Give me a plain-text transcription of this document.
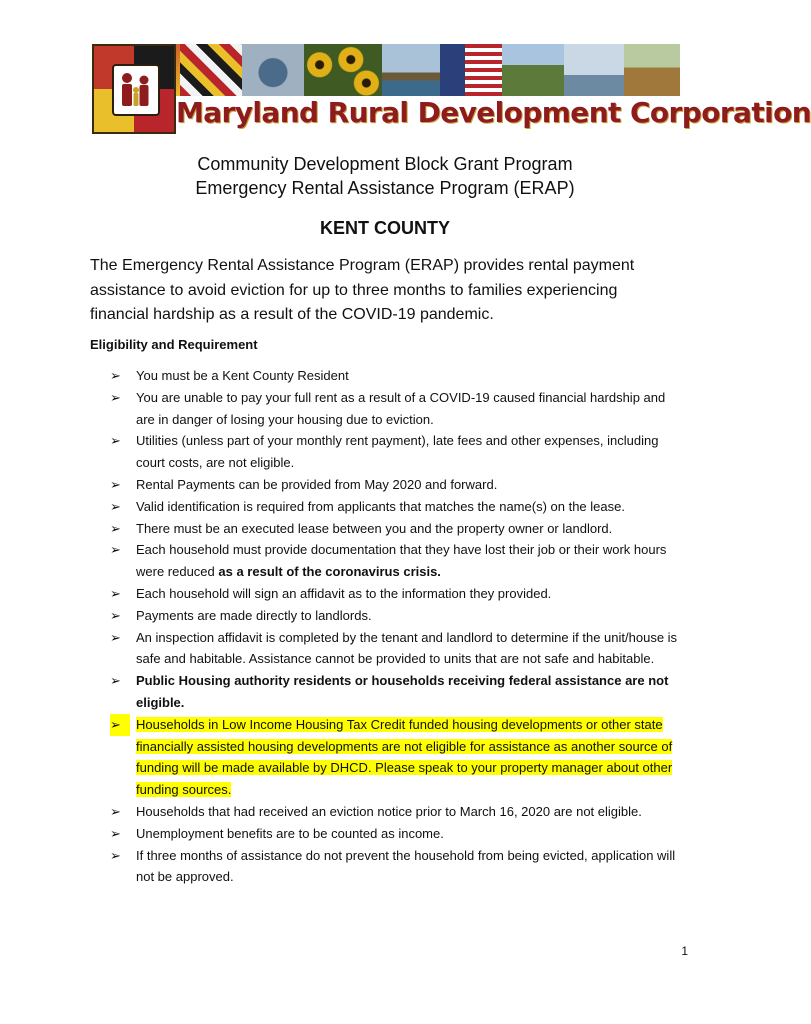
Maryland Rural Development Corporation
Community Development Block Grant Program
Emergency Rental Assistance Program (ERAP)
KENT COUNTY
The Emergency Rental Assistance Program (ERAP) provides rental payment assistance to avoid eviction for up to three months to families experiencing financial hardship as a result of the COVID-19 pandemic.
Eligibility and Requirement
➢	You must be a Kent County Resident
➢	You are unable to pay your full rent as a result of a COVID-19 caused financial hardship and are in danger of losing your housing due to eviction.
➢	Utilities (unless part of your monthly rent payment), late fees and other expenses, including court costs, are not eligible.
➢	Rental Payments can be provided from May 2020 and forward.
➢	Valid identification is required from applicants that matches the name(s) on the lease.
➢	There must be an executed lease between you and the property owner or landlord.
➢	Each household must provide documentation that they have lost their job or their work hours were reduced as a result of the coronavirus crisis.
➢	Each household will sign an affidavit as to the information they provided.
➢	Payments are made directly to landlords.
➢	An inspection affidavit is completed by the tenant and landlord to determine if the unit/house is safe and habitable. Assistance cannot be provided to units that are not safe and habitable.
➢	Public Housing authority residents or households receiving federal assistance are not eligible.
➢	Households in Low Income Housing Tax Credit funded housing developments or other state financially assisted housing developments are not eligible for assistance as another source of funding will be made available by DHCD. Please speak to your property manager about other funding sources.
➢	Households that had received an eviction notice prior to March 16, 2020 are not eligible.
➢	Unemployment benefits are to be counted as income.
➢	If three months of assistance do not prevent the household from being evicted, application will not be approved.
1
